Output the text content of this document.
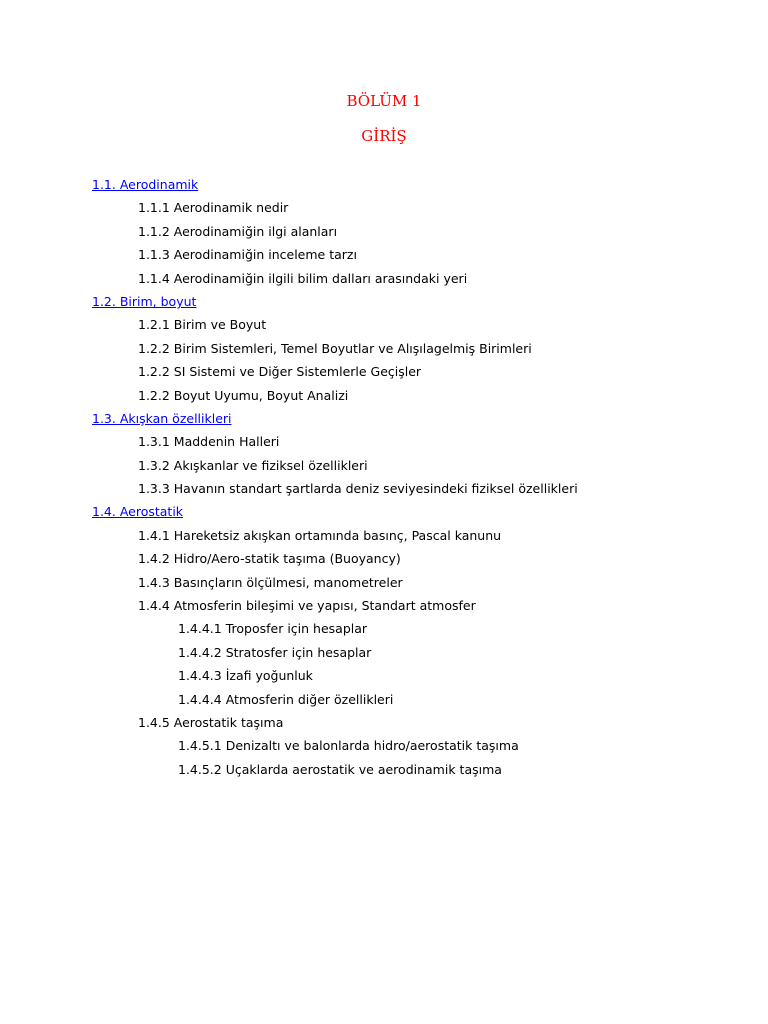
BÖLÜM 1
GİRİŞ
1.1. Aerodinamik
1.1.1 Aerodinamik nedir
1.1.2 Aerodinamiğin ilgi alanları
1.1.3 Aerodinamiğin inceleme tarzı
1.1.4 Aerodinamiğin ilgili bilim dalları arasındaki yeri
1.2. Birim, boyut
1.2.1 Birim ve Boyut
1.2.2 Birim Sistemleri, Temel Boyutlar ve Alışılagelmiş Birimleri
1.2.2 SI Sistemi ve Diğer Sistemlerle Geçişler
1.2.2 Boyut Uyumu, Boyut Analizi
1.3. Akışkan özellikleri
1.3.1 Maddenin Halleri
1.3.2 Akışkanlar ve fiziksel özellikleri
1.3.3 Havanın standart şartlarda deniz seviyesindeki fiziksel özellikleri
1.4. Aerostatik
1.4.1 Hareketsiz akışkan ortamında basınç, Pascal kanunu
1.4.2 Hidro/Aero-statik taşıma (Buoyancy)
1.4.3 Basınçların ölçülmesi, manometreler
1.4.4 Atmosferin bileşimi ve yapısı, Standart atmosfer
1.4.4.1 Troposfer için hesaplar
1.4.4.2 Stratosfer için hesaplar
1.4.4.3 İzafi yoğunluk
1.4.4.4 Atmosferin diğer özellikleri
1.4.5 Aerostatik taşıma
1.4.5.1 Denizaltı ve balonlarda hidro/aerostatik taşıma
1.4.5.2 Uçaklarda aerostatik ve aerodinamik taşıma
